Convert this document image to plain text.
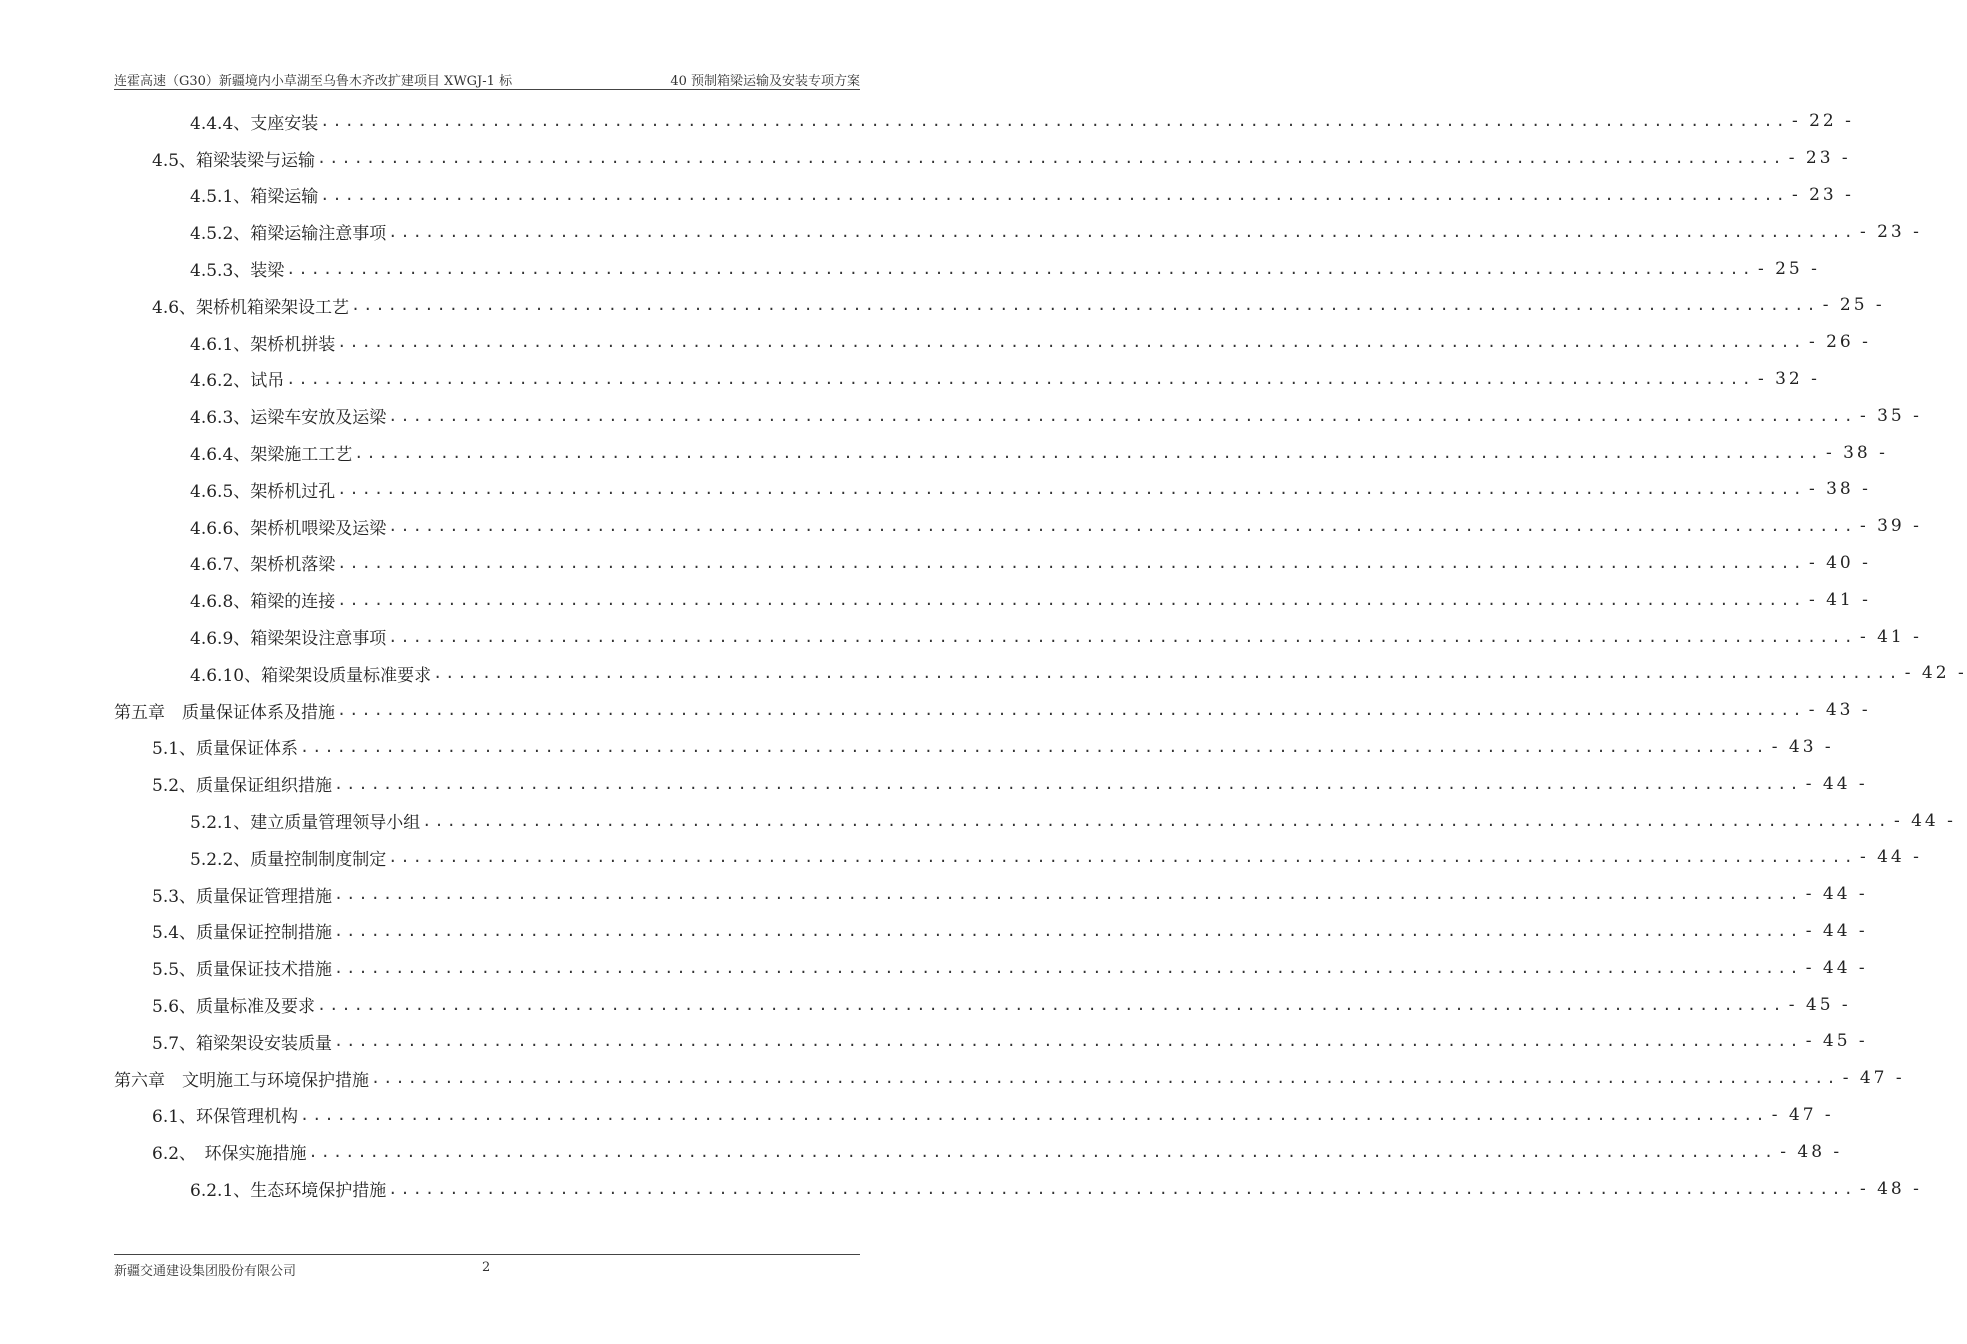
连霍高速（G30）新疆境内小草湖至乌鲁木齐改扩建项目 XWGJ-1 标	40 预制箱梁运输及安装专项方案
4.4.4、支座安装 ........................................................................................................................ - 22 -
4.5、箱梁装梁与运输 ........................................................................................................................ - 23 -
4.5.1、箱梁运输 ........................................................................................................................ - 23 -
4.5.2、箱梁运输注意事项 ........................................................................................................................ - 23 -
4.5.3、装梁 ........................................................................................................................ - 25 -
4.6、架桥机箱梁架设工艺 ........................................................................................................................ - 25 -
4.6.1、架桥机拼装 ........................................................................................................................ - 26 -
4.6.2、试吊 ........................................................................................................................ - 32 -
4.6.3、运梁车安放及运梁 ........................................................................................................................ - 35 -
4.6.4、架梁施工工艺 ........................................................................................................................ - 38 -
4.6.5、架桥机过孔 ........................................................................................................................ - 38 -
4.6.6、架桥机喂梁及运梁 ........................................................................................................................ - 39 -
4.6.7、架桥机落梁 ........................................................................................................................ - 40 -
4.6.8、箱梁的连接 ........................................................................................................................ - 41 -
4.6.9、箱梁架设注意事项 ........................................................................................................................ - 41 -
4.6.10、箱梁架设质量标准要求 ........................................................................................................................ - 42 -
第五章　质量保证体系及措施 ........................................................................................................................ - 43 -
5.1、质量保证体系 ........................................................................................................................ - 43 -
5.2、质量保证组织措施 ........................................................................................................................ - 44 -
5.2.1、建立质量管理领导小组 ........................................................................................................................ - 44 -
5.2.2、质量控制制度制定 ........................................................................................................................ - 44 -
5.3、质量保证管理措施 ........................................................................................................................ - 44 -
5.4、质量保证控制措施 ........................................................................................................................ - 44 -
5.5、质量保证技术措施 ........................................................................................................................ - 44 -
5.6、质量标准及要求 ........................................................................................................................ - 45 -
5.7、箱梁架设安装质量 ........................................................................................................................ - 45 -
第六章　文明施工与环境保护措施 ........................................................................................................................ - 47 -
6.1、环保管理机构 ........................................................................................................................ - 47 -
6.2、　环保实施措施 ........................................................................................................................ - 48 -
6.2.1、生态环境保护措施 ........................................................................................................................ - 48 -
新疆交通建设集团股份有限公司	2
